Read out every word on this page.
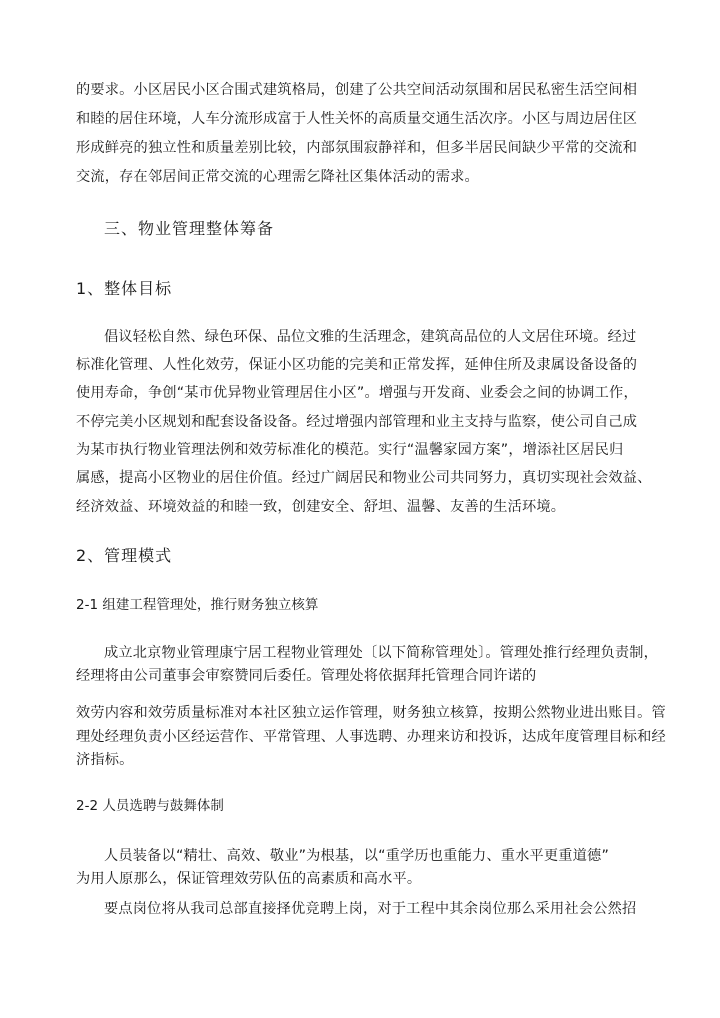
的要求。小区居民小区合围式建筑格局，创建了公共空间活动氛围和居民私密生活空间相
和睦的居住环境，人车分流形成富于人性关怀的高质量交通生活次序。小区与周边居住区
形成鲜亮的独立性和质量差别比较，内部氛围寂静祥和，但多半居民间缺少平常的交流和
交流，存在邻居间正常交流的心理需乞降社区集体活动的需求。
三、物业管理整体筹备
1、整体目标
倡议轻松自然、绿色环保、品位文雅的生活理念，建筑高品位的人文居住环境。经过
标准化管理、人性化效劳，保证小区功能的完美和正常发挥，延伸住所及隶属设备设备的
使用寿命，争创“某市优异物业管理居住小区”。增强与开发商、业委会之间的协调工作，
不停完美小区规划和配套设备设备。经过增强内部管理和业主支持与监察，使公司自己成
为某市执行物业管理法例和效劳标准化的模范。实行“温馨家园方案”，增添社区居民归
属感，提高小区物业的居住价值。经过广阔居民和物业公司共同努力，真切实现社会效益、
经济效益、环境效益的和睦一致，创建安全、舒坦、温馨、友善的生活环境。
2、管理模式
2-1 组建工程管理处，推行财务独立核算
成立北京物业管理康宁居工程物业管理处〔以下简称管理处〕。管理处推行经理负责制，
经理将由公司董事会审察赞同后委任。管理处将依据拜托管理合同许诺的
效劳内容和效劳质量标准对本社区独立运作管理，财务独立核算，按期公然物业进出账目。管
理处经理负责小区经运营作、平常管理、人事选聘、办理来访和投诉，达成年度管理目标和经
济指标。
2-2 人员选聘与鼓舞体制
人员装备以“精壮、高效、敬业”为根基，以“重学历也重能力、重水平更重道德”
为用人原那么，保证管理效劳队伍的高素质和高水平。
要点岗位将从我司总部直接择优竞聘上岗，对于工程中其余岗位那么采用社会公然招
